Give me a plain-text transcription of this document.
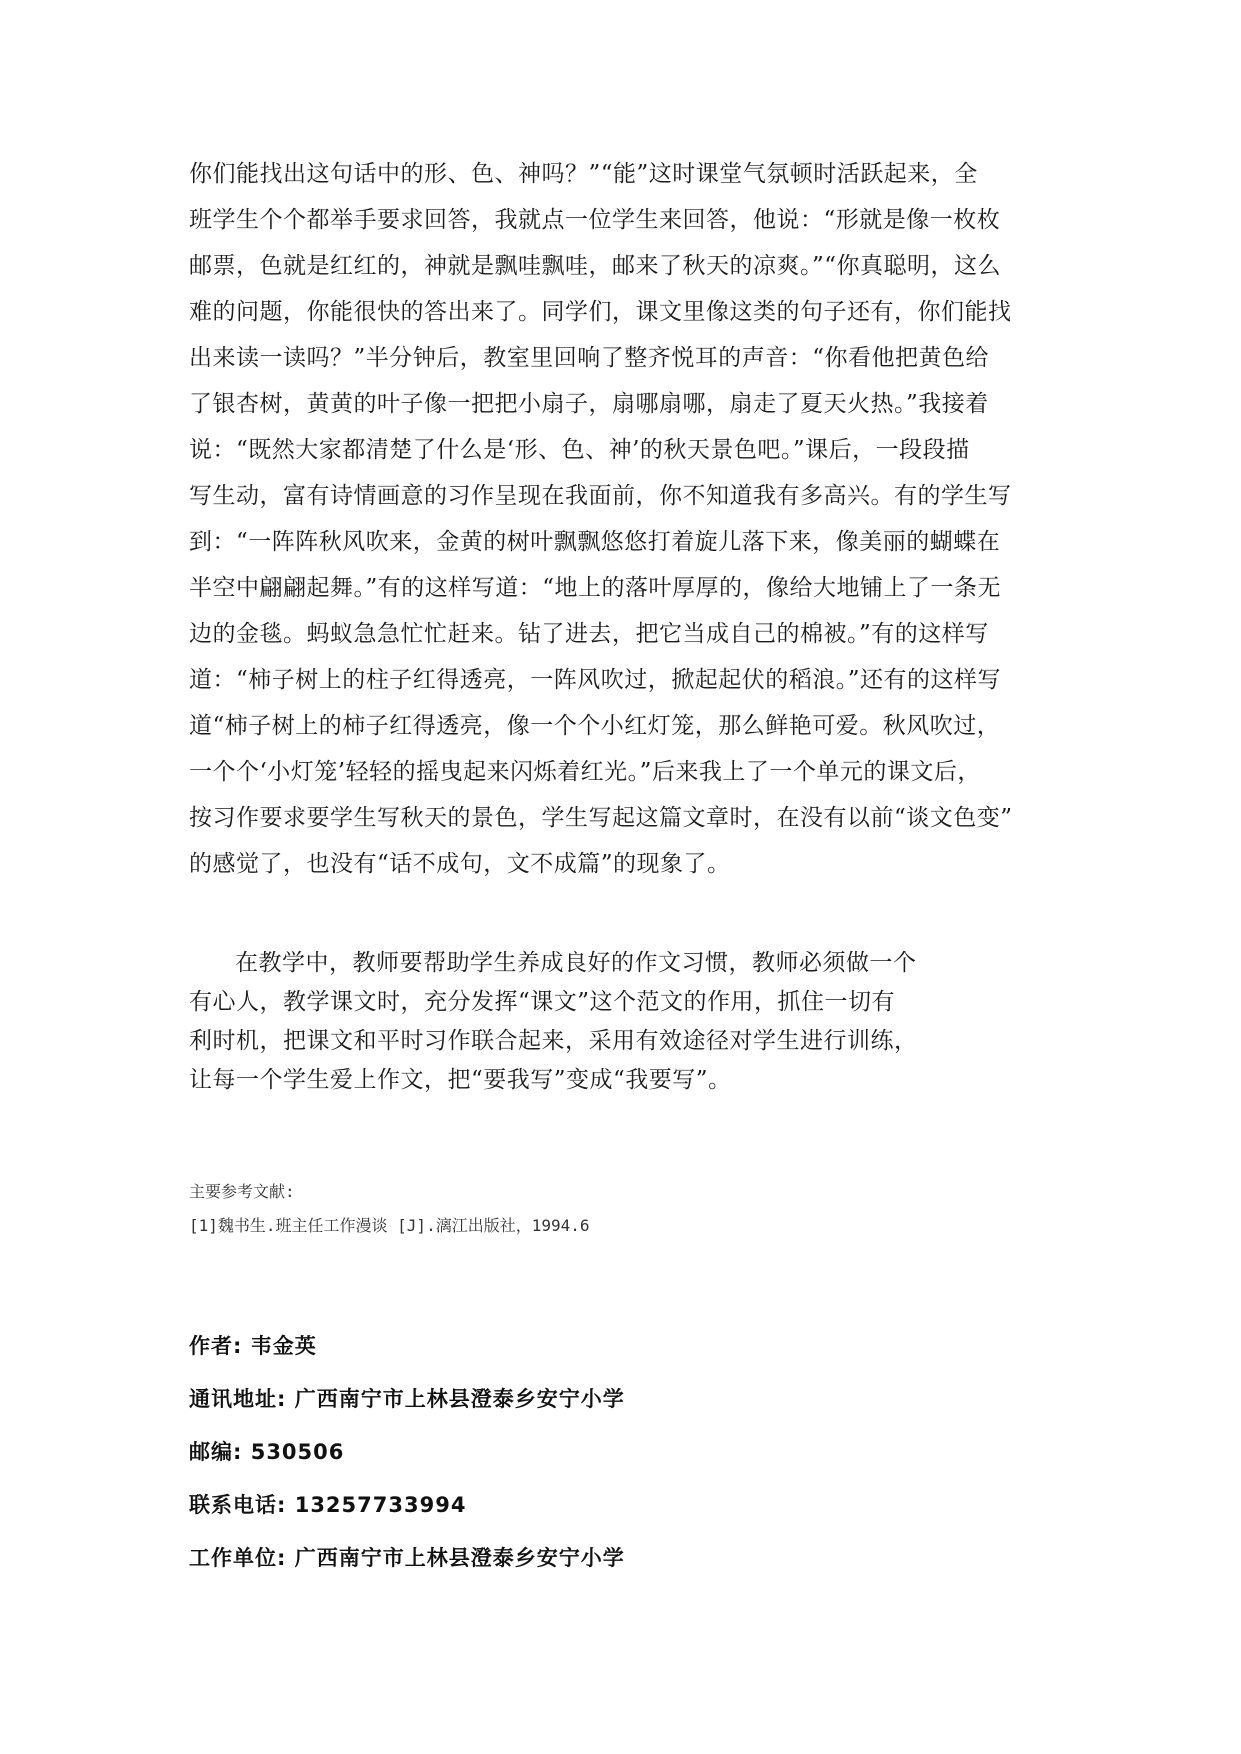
你们能找出这句话中的形、色、神吗？”“能”这时课堂气氛顿时活跃起来，全
班学生个个都举手要求回答，我就点一位学生来回答，他说：“形就是像一枚枚
邮票，色就是红红的，神就是飘哇飘哇，邮来了秋天的凉爽。”“你真聪明，这么
难的问题，你能很快的答出来了。同学们，课文里像这类的句子还有，你们能找
出来读一读吗？”半分钟后，教室里回响了整齐悦耳的声音：“你看他把黄色给
了银杏树，黄黄的叶子像一把把小扇子，扇哪扇哪，扇走了夏天火热。”我接着
说：“既然大家都清楚了什么是‘形、色、神’的秋天景色吧。”课后，一段段描
写生动，富有诗情画意的习作呈现在我面前，你不知道我有多高兴。有的学生写
到：“一阵阵秋风吹来，金黄的树叶飘飘悠悠打着旋儿落下来，像美丽的蝴蝶在
半空中翩翩起舞。”有的这样写道：“地上的落叶厚厚的，像给大地铺上了一条无
边的金毯。蚂蚁急急忙忙赶来。钻了进去，把它当成自己的棉被。”有的这样写
道：“柿子树上的柱子红得透亮，一阵风吹过，掀起起伏的稻浪。”还有的这样写
道“柿子树上的柿子红得透亮，像一个个小红灯笼，那么鲜艳可爱。秋风吹过，
一个个‘小灯笼’轻轻的摇曳起来闪烁着红光。”后来我上了一个单元的课文后，
按习作要求要学生写秋天的景色，学生写起这篇文章时，在没有以前“谈文色变”
的感觉了，也没有“话不成句，文不成篇”的现象了。
在教学中，教师要帮助学生养成良好的作文习惯，教师必须做一个
有心人，教学课文时，充分发挥“课文”这个范文的作用，抓住一切有
利时机，把课文和平时习作联合起来，采用有效途径对学生进行训练，
让每一个学生爱上作文，把“要我写”变成“我要写”。
主要参考文献:
[1]魏书生.班主任工作漫谈 [J].漓江出版社，1994.6
作者: 韦金英
通讯地址: 广西南宁市上林县澄泰乡安宁小学
邮编: 530506
联系电话: 13257733994
工作单位: 广西南宁市上林县澄泰乡安宁小学
